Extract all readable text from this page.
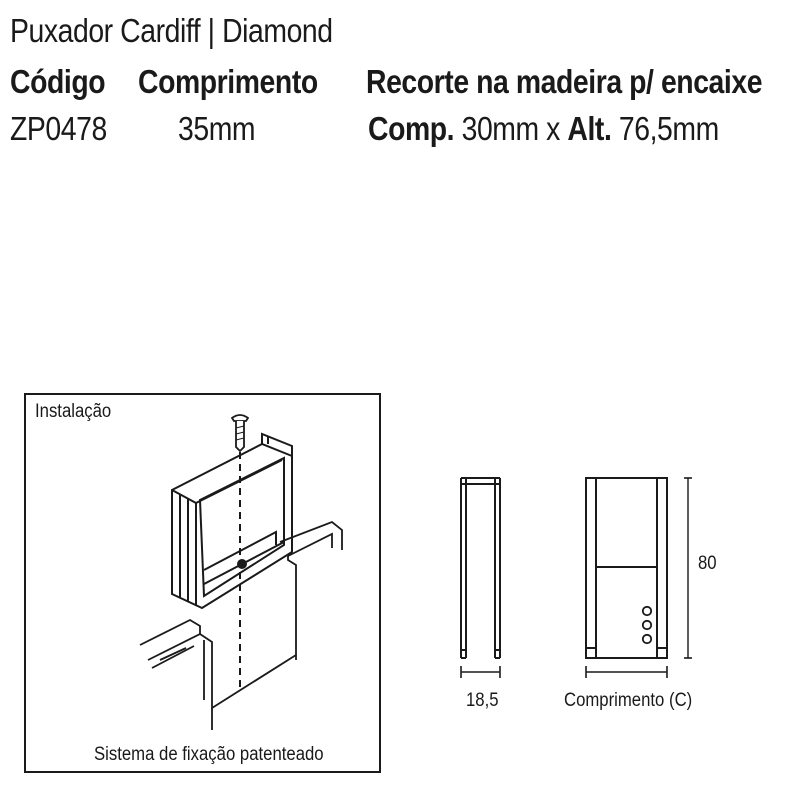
Puxador Cardiff | Diamond
Código Comprimento Recorte na madeira p/ encaixe
ZP0478 35mm	Comp. 30mm x Alt. 76,5mm
Instalação
Sistema de fixação patenteado
18,5
80
Comprimento (C)
